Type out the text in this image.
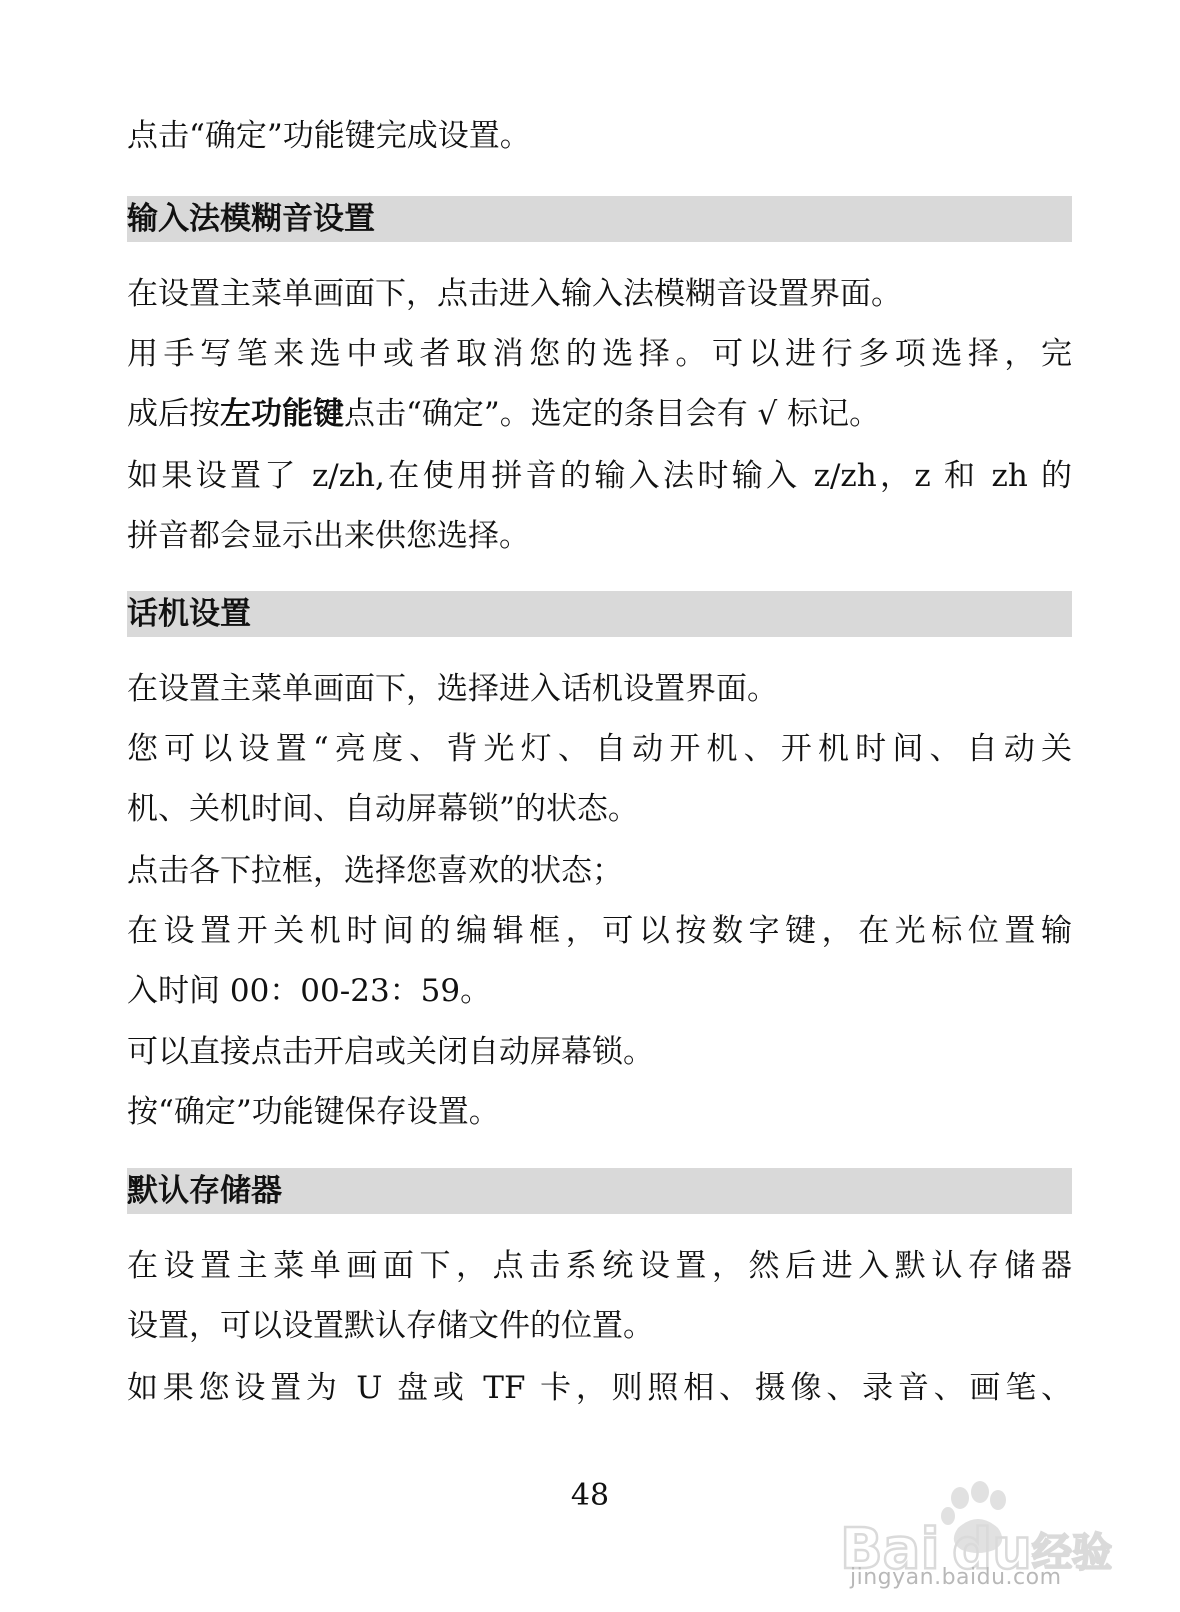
点击“确定”功能键完成设置。
输入法模糊音设置
在设置主菜单画面下，点击进入输入法模糊音设置界面。
用手写笔来选中或者取消您的选择。可以进行多项选择，完
成后按左功能键点击“确定”。选定的条目会有 √ 标记。
如果设置了 z/zh,在使用拼音的输入法时输入 z/zh，z 和 zh 的
拼音都会显示出来供您选择。
话机设置
在设置主菜单画面下，选择进入话机设置界面。
您可以设置“亮度、背光灯、自动开机、开机时间、自动关
机、关机时间、自动屏幕锁”的状态。
点击各下拉框，选择您喜欢的状态；
在设置开关机时间的编辑框，可以按数字键，在光标位置输
入时间 00：00-23：59。
可以直接点击开启或关闭自动屏幕锁。
按“确定”功能键保存设置。
默认存储器
在设置主菜单画面下，点击系统设置，然后进入默认存储器
设置，可以设置默认存储文件的位置。
如果您设置为 U 盘或 TF 卡，则照相、摄像、录音、画笔、
48
Bai du 经验
jingyan.baidu.com
